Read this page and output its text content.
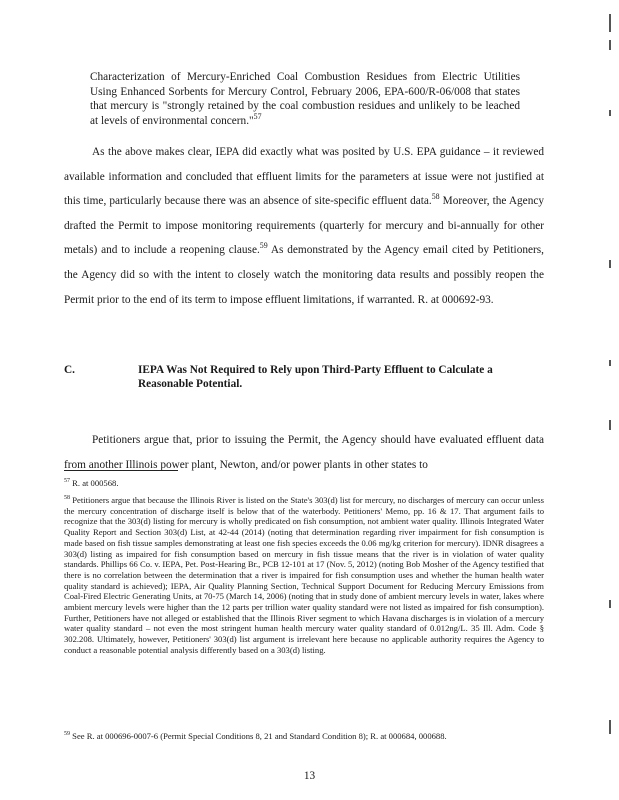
Characterization of Mercury-Enriched Coal Combustion Residues from Electric Utilities Using Enhanced Sorbents for Mercury Control, February 2006, EPA-600/R-06/008 that states that mercury is "strongly retained by the coal combustion residues and unlikely to be leached at levels of environmental concern."$^{57}$
As the above makes clear, IEPA did exactly what was posited by U.S. EPA guidance – it reviewed available information and concluded that effluent limits for the parameters at issue were not justified at this time, particularly because there was an absence of site-specific effluent data.$^{58}$ Moreover, the Agency drafted the Permit to impose monitoring requirements (quarterly for mercury and bi-annually for other metals) and to include a reopening clause.$^{59}$ As demonstrated by the Agency email cited by Petitioners, the Agency did so with the intent to closely watch the monitoring data results and possibly reopen the Permit prior to the end of its term to impose effluent limitations, if warranted. R. at 000692-93.
C.	IEPA Was Not Required to Rely upon Third-Party Effluent to Calculate a Reasonable Potential.
Petitioners argue that, prior to issuing the Permit, the Agency should have evaluated effluent data from another Illinois power plant, Newton, and/or power plants in other states to
$^{57}$ R. at 000568.
$^{58}$ Petitioners argue that because the Illinois River is listed on the State's 303(d) list for mercury, no discharges of mercury can occur unless the mercury concentration of discharge itself is below that of the waterbody. Petitioners' Memo, pp. 16 & 17. That argument fails to recognize that the 303(d) listing for mercury is wholly predicated on fish consumption, not ambient water quality. Illinois Integrated Water Quality Report and Section 303(d) List, at 42-44 (2014) (noting that determination regarding river impairment for fish consumption is made based on fish tissue samples demonstrating at least one fish species exceeds the 0.06 mg/kg criterion for mercury). IDNR disagrees a 303(d) listing as impaired for fish consumption based on mercury in fish tissue means that the river is in violation of water quality standards. Phillips 66 Co. v. IEPA, Pet. Post-Hearing Br., PCB 12-101 at 17 (Nov. 5, 2012) (noting Bob Mosher of the Agency testified that there is no correlation between the determination that a river is impaired for fish consumption uses and whether the human health water quality standard is achieved); IEPA, Air Quality Planning Section, Technical Support Document for Reducing Mercury Emissions from Coal-Fired Electric Generating Units, at 70-75 (March 14, 2006) (noting that in study done of ambient mercury levels in water, lakes where ambient mercury levels were higher than the 12 parts per trillion water quality standard were not listed as impaired for fish consumption). Further, Petitioners have not alleged or established that the Illinois River segment to which Havana discharges is in violation of a mercury water quality standard – not even the most stringent human health mercury water quality standard of 0.012ng/L. 35 Ill. Adm. Code § 302.208. Ultimately, however, Petitioners' 303(d) list argument is irrelevant here because no applicable authority requires the Agency to conduct a reasonable potential analysis differently based on a 303(d) listing.
$^{59}$ See R. at 000696-0007-6 (Permit Special Conditions 8, 21 and Standard Condition 8); R. at 000684, 000688.
13
